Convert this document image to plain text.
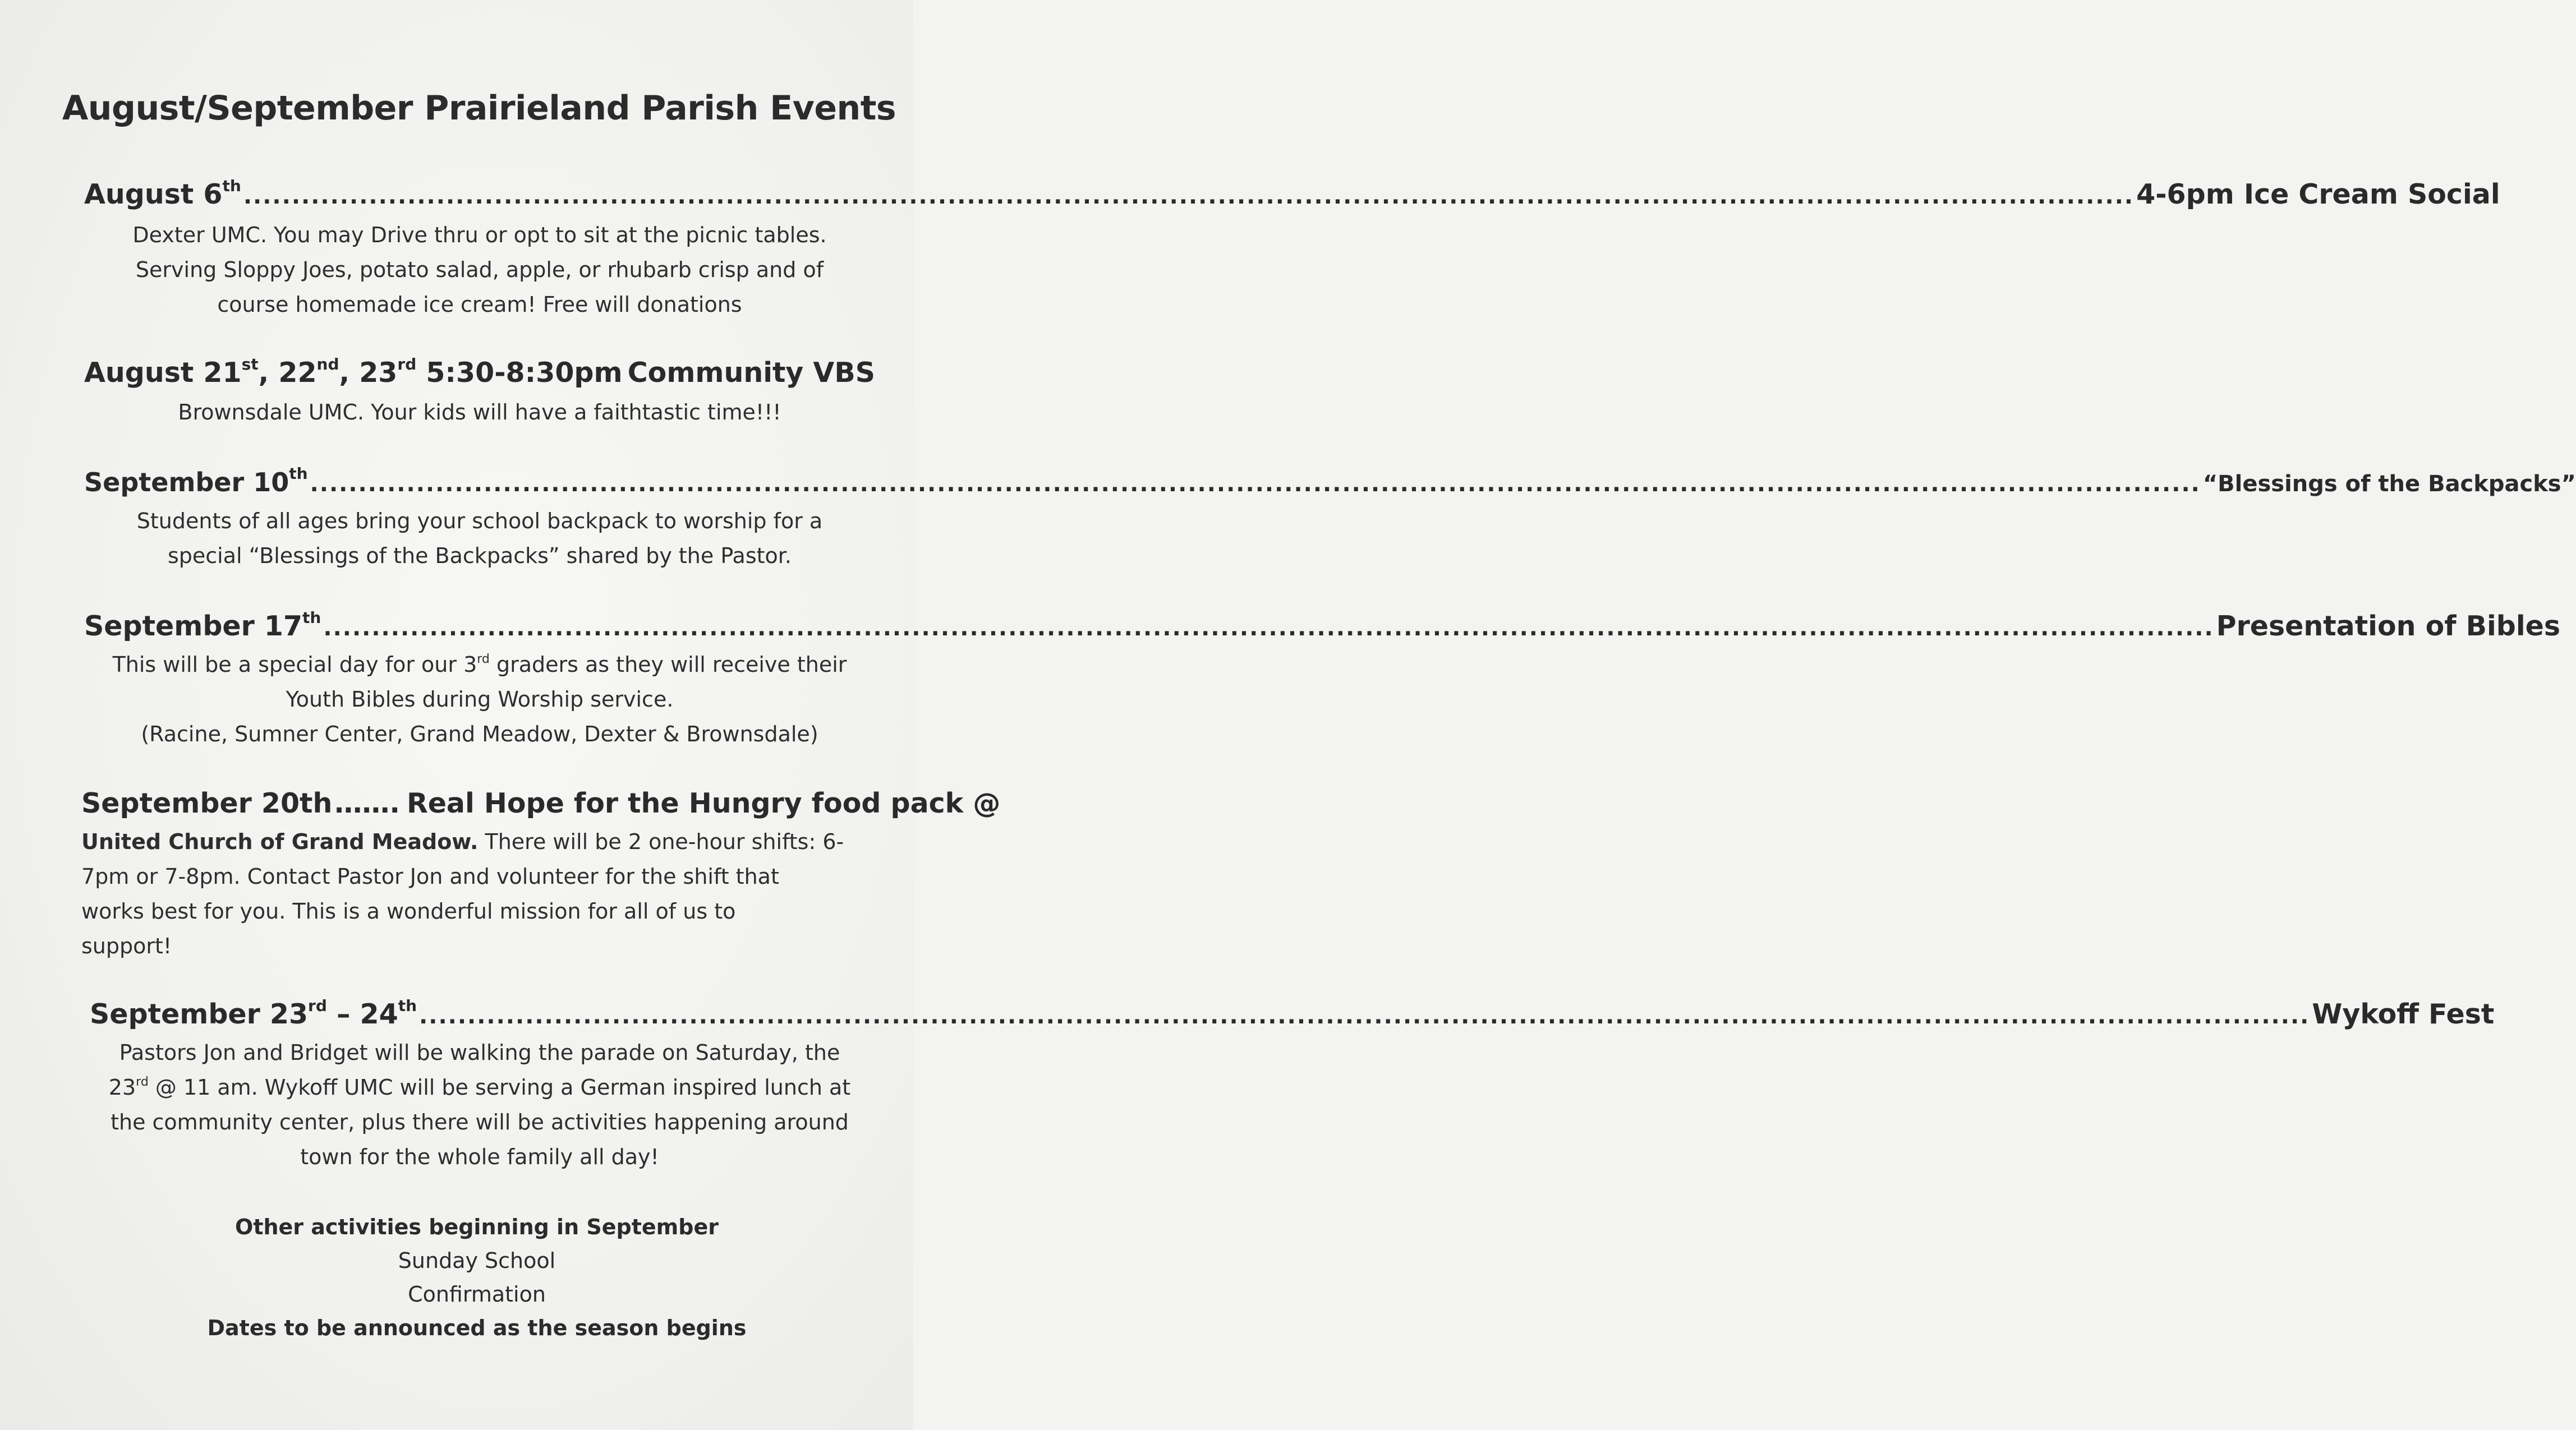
August/September Prairieland Parish Events
August 6th .....	4-6pm Ice Cream Social
Dexter UMC. You may Drive thru or opt to sit at the picnic tables.
Serving Sloppy Joes, potato salad, apple, or rhubarb crisp and of
course homemade ice cream! Free will donations
August 21st, 22nd, 23rd 5:30-8:30pm ..... Community VBS
Brownsdale UMC. Your kids will have a faithtastic time!!!
September 10th .....	“Blessings of the Backpacks”
Students of all ages bring your school backpack to worship for a
special “Blessings of the Backpacks” shared by the Pastor.
September 17th .....	Presentation of Bibles
This will be a special day for our 3rd graders as they will receive their
Youth Bibles during Worship service.
(Racine, Sumner Center, Grand Meadow, Dexter & Brownsdale)
September 20th ……. Real Hope for the Hungry food pack @
United Church of Grand Meadow. There will be 2 one-hour shifts: 6-
7pm or 7-8pm. Contact Pastor Jon and volunteer for the shift that
works best for you. This is a wonderful mission for all of us to
support!
September 23rd – 24th .....	Wykoff Fest
Pastors Jon and Bridget will be walking the parade on Saturday, the
23rd @ 11 am. Wykoff UMC will be serving a German inspired lunch at
the community center, plus there will be activities happening around
town for the whole family all day!
Other activities beginning in September
Sunday School
Confirmation
Dates to be announced as the season begins
